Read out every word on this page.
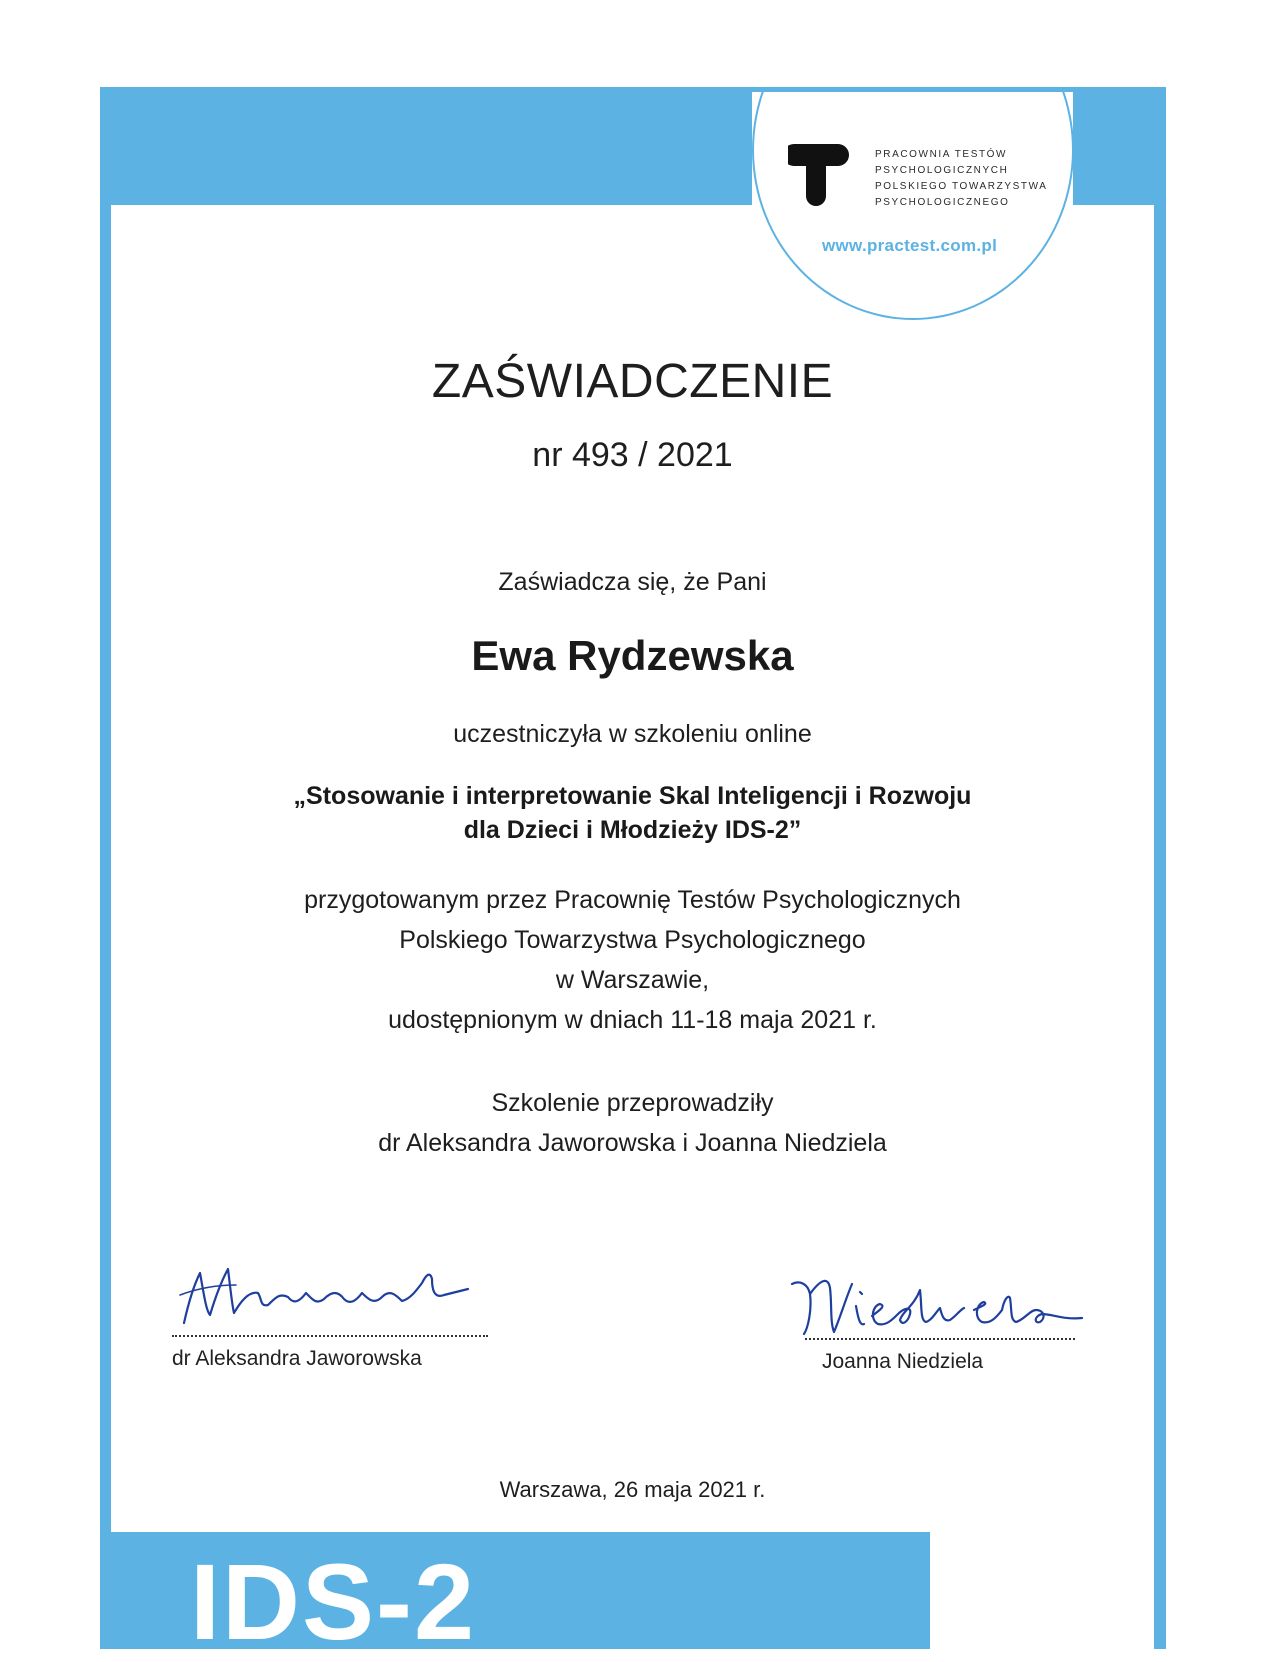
PRACOWNIA TESTÓW
PSYCHOLOGICZNYCH
POLSKIEGO TOWARZYSTWA
PSYCHOLOGICZNEGO
www.practest.com.pl
ZAŚWIADCZENIE
nr 493 / 2021
Zaświadcza się, że Pani
Ewa Rydzewska
uczestniczyła w szkoleniu online
„Stosowanie i interpretowanie Skal Inteligencji i Rozwoju
dla Dzieci i Młodzieży IDS-2”
przygotowanym przez Pracownię Testów Psychologicznych
Polskiego Towarzystwa Psychologicznego
w Warszawie,
udostępnionym w dniach 11-18 maja 2021 r.
Szkolenie przeprowadziły
dr Aleksandra Jaworowska i Joanna Niedziela
dr Aleksandra Jaworowska	Joanna Niedziela
Warszawa, 26 maja 2021 r.
IDS-2
